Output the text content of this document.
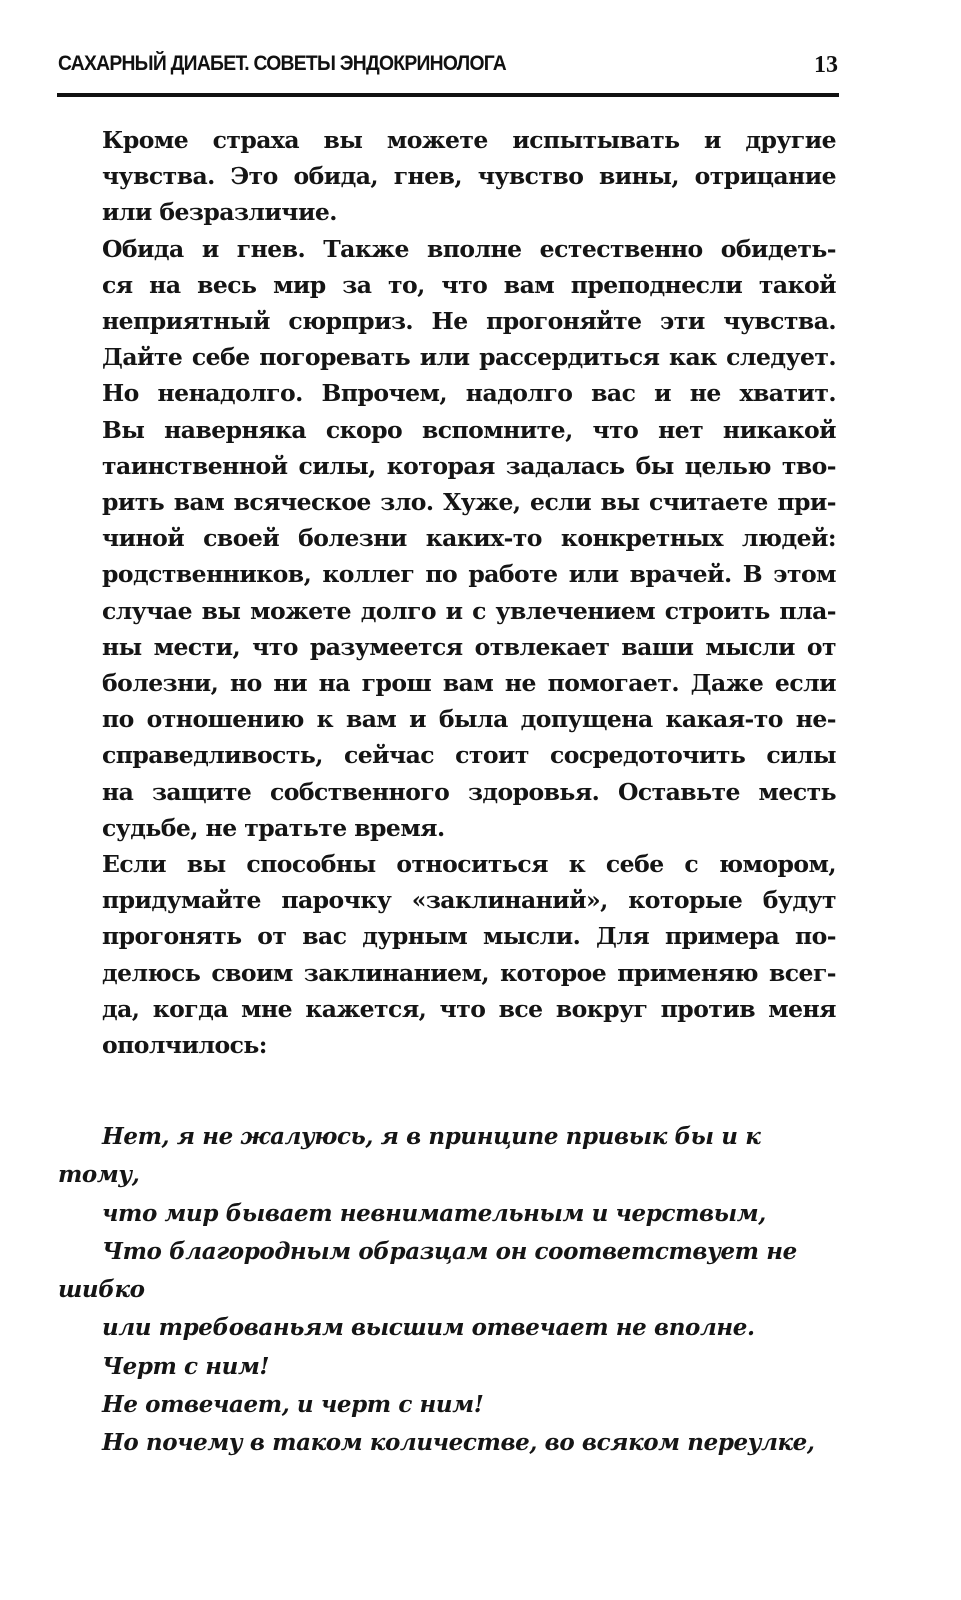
САХАРНЫЙ ДИАБЕТ. СОВЕТЫ ЭНДОКРИНОЛОГА	13

Кроме страха вы можете испытывать и другие
чувства. Это обида, гнев, чувство вины, отрицание
или безразличие.

Обида и гнев. Также вполне естественно обидеть-
ся на весь мир за то, что вам преподнесли такой
неприятный сюрприз. Не прогоняйте эти чувства.
Дайте себе погоревать или рассердиться как следует.
Но ненадолго. Впрочем, надолго вас и не хватит.
Вы наверняка скоро вспомните, что нет никакой
таинственной силы, которая задалась бы целью тво-
рить вам всяческое зло. Хуже, если вы считаете при-
чиной своей болезни каких-то конкретных людей:
родственников, коллег по работе или врачей. В этом
случае вы можете долго и с увлечением строить пла-
ны мести, что разумеется отвлекает ваши мысли от
болезни, но ни на грош вам не помогает. Даже если
по отношению к вам и была допущена какая-то не-
справедливость, сейчас стоит сосредоточить силы
на защите собственного здоровья. Оставьте месть
судьбе, не тратьте время.

Если вы способны относиться к себе с юмором,
придумайте парочку «заклинаний», которые будут
прогонять от вас дурным мысли. Для примера по-
делюсь своим заклинанием, которое применяю всег-
да, когда мне кажется, что все вокруг против меня
ополчилось:

Нет, я не жалуюсь, я в принципе привык бы и к
тому,
что мир бывает невнимательным и черствым,
Что благородным образцам он соответствует не
шибко
или требованьям высшим отвечает не вполне.
Черт с ним!
Не отвечает, и черт с ним!
Но почему в таком количестве, во всяком переулке,
